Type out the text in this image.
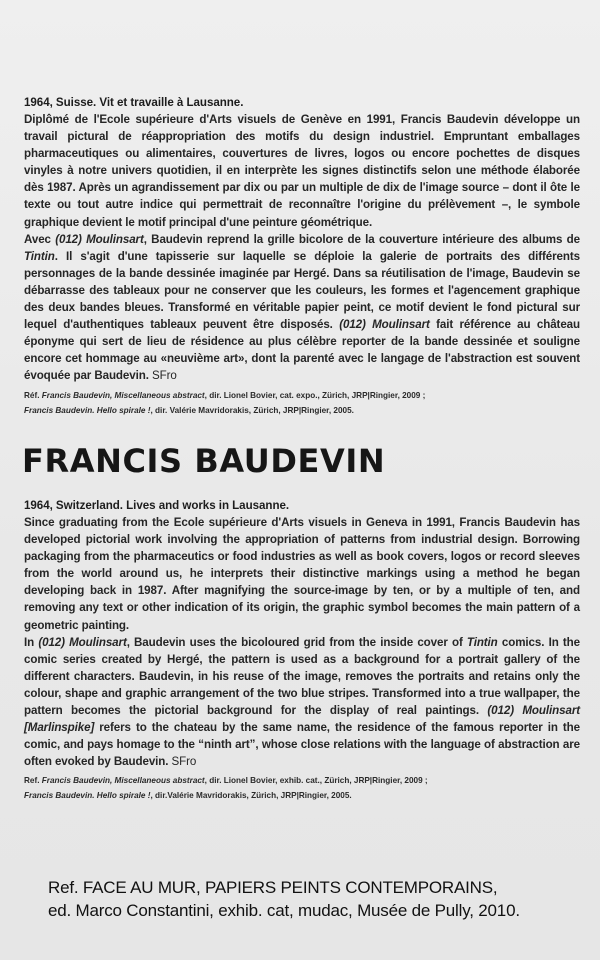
1964, Suisse. Vit et travaille à Lausanne.

Diplômé de l'Ecole supérieure d'Arts visuels de Genève en 1991, Francis Baudevin développe un travail pictural de réappropriation des motifs du design industriel. Empruntant emballages pharmaceutiques ou alimentaires, couvertures de livres, logos ou encore pochettes de disques vinyles à notre univers quotidien, il en interprète les signes distinctifs selon une méthode élaborée dès 1987. Après un agrandissement par dix ou par un multiple de dix de l'image source – dont il ôte le texte ou tout autre indice qui permettrait de reconnaître l'origine du prélèvement –, le symbole graphique devient le motif principal d'une peinture géométrique.

Avec (012) Moulinsart, Baudevin reprend la grille bicolore de la couverture intérieure des albums de Tintin. Il s'agit d'une tapisserie sur laquelle se déploie la galerie de portraits des différents personnages de la bande dessinée imaginée par Hergé. Dans sa réutilisation de l'image, Baudevin se débarrasse des tableaux pour ne conserver que les couleurs, les formes et l'agencement graphique des deux bandes bleues. Transformé en véritable papier peint, ce motif devient le fond pictural sur lequel d'authentiques tableaux peuvent être disposés. (012) Moulinsart fait référence au château éponyme qui sert de lieu de résidence au plus célèbre reporter de la bande dessinée et souligne encore cet hommage au «neuvième art», dont la parenté avec le langage de l'abstraction est souvent évoquée par Baudevin. SFro

Réf. Francis Baudevin, Miscellaneous abstract, dir. Lionel Bovier, cat. expo., Zürich, JRP|Ringier, 2009 ;

Francis Baudevin. Hello spirale !, dir. Valérie Mavridorakis, Zürich, JRP|Ringier, 2005.

FRANCIS BAUDEVIN

1964, Switzerland. Lives and works in Lausanne.

Since graduating from the Ecole supérieure d'Arts visuels in Geneva in 1991, Francis Baudevin has developed pictorial work involving the appropriation of patterns from industrial design. Borrowing packaging from the pharmaceutics or food industries as well as book covers, logos or record sleeves from the world around us, he interprets their distinctive markings using a method he began developing back in 1987. After magnifying the source-image by ten, or by a multiple of ten, and removing any text or other indication of its origin, the graphic symbol becomes the main pattern of a geometric painting.

In (012) Moulinsart, Baudevin uses the bicoloured grid from the inside cover of Tintin comics. In the comic series created by Hergé, the pattern is used as a background for a portrait gallery of the different characters. Baudevin, in his reuse of the image, removes the portraits and retains only the colour, shape and graphic arrangement of the two blue stripes. Transformed into a true wallpaper, the pattern becomes the pictorial background for the display of real paintings. (012) Moulinsart [Marlinspike] refers to the chateau by the same name, the residence of the famous reporter in the comic, and pays homage to the “ninth art”, whose close relations with the language of abstraction are often evoked by Baudevin. SFro

Ref. Francis Baudevin, Miscellaneous abstract, dir. Lionel Bovier, exhib. cat., Zürich, JRP|Ringier, 2009 ;

Francis Baudevin. Hello spirale !, dir.Valérie Mavridorakis, Zürich, JRP|Ringier, 2005.

Ref. FACE AU MUR, PAPIERS PEINTS CONTEMPORAINS,
ed. Marco Constantini, exhib. cat, mudac, Musée de Pully, 2010.
